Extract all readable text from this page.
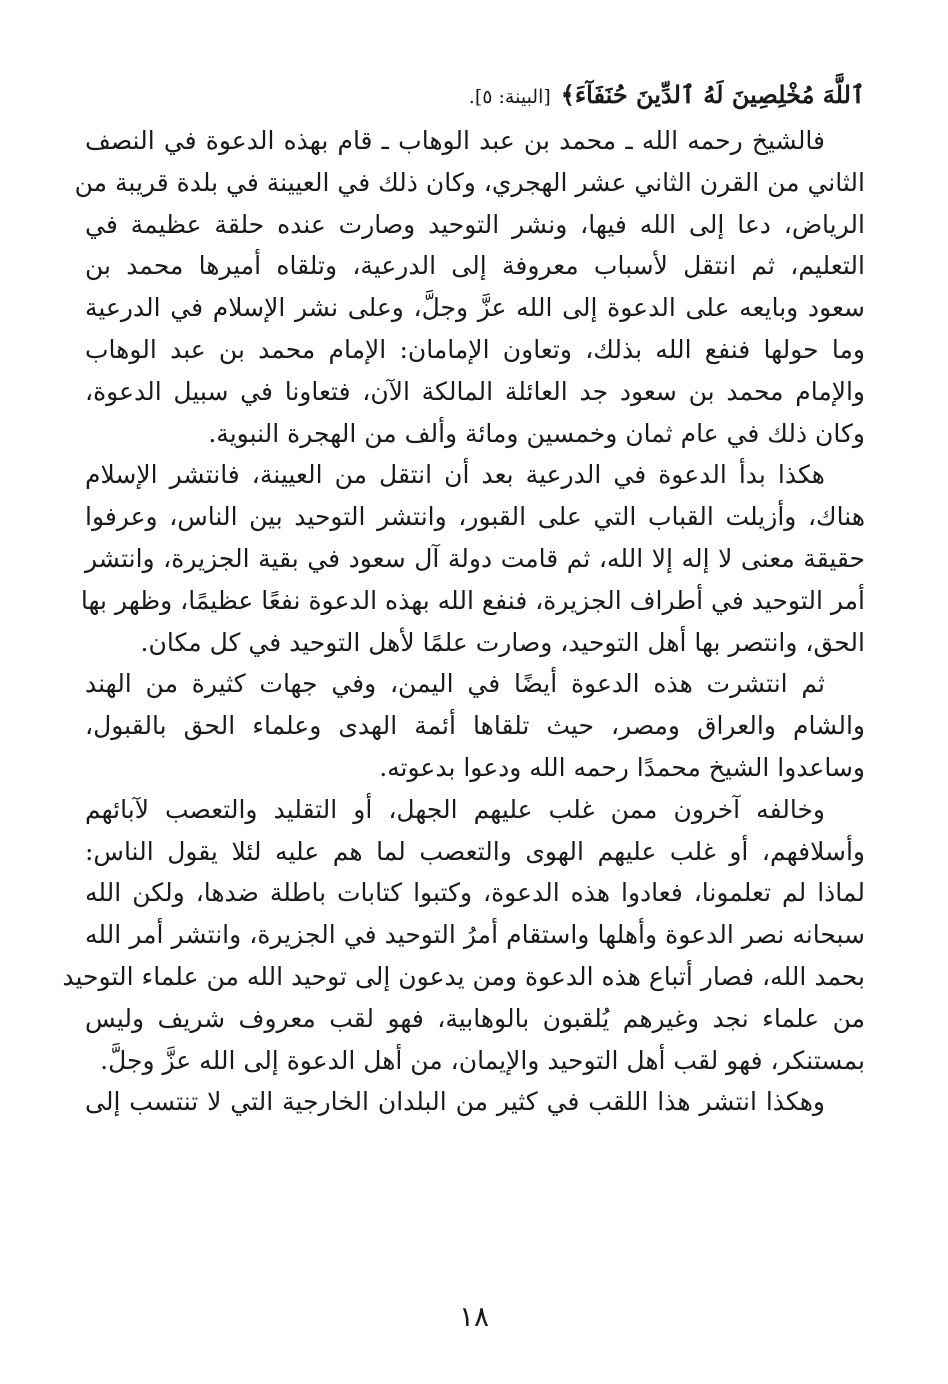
ٱللَّهَ مُخْلِصِينَ لَهُ ٱلدِّينَ حُنَفَآءَ﴾
[البينة: ٥].

فالشيخ رحمه الله ـ محمد بن عبد الوهاب ـ قام بهذه الدعوة في النصف
الثاني من القرن الثاني عشر الهجري، وكان ذلك في العيينة في بلدة قريبة من
الرياض، دعا إلى الله فيها، ونشر التوحيد وصارت عنده حلقة عظيمة في
التعليم، ثم انتقل لأسباب معروفة إلى الدرعية، وتلقاه أميرها محمد بن
سعود وبايعه على الدعوة إلى الله عزَّ وجلَّ، وعلى نشر الإسلام في الدرعية
وما حولها فنفع الله بذلك، وتعاون الإمامان: الإمام محمد بن عبد الوهاب
والإمام محمد بن سعود جد العائلة المالكة الآن، فتعاونا في سبيل الدعوة،
وكان ذلك في عام ثمان وخمسين ومائة وألف من الهجرة النبوية.

هكذا بدأ الدعوة في الدرعية بعد أن انتقل من العيينة، فانتشر الإسلام
هناك، وأزيلت القباب التي على القبور، وانتشر التوحيد بين الناس، وعرفوا
حقيقة معنى لا إله إلا الله، ثم قامت دولة آل سعود في بقية الجزيرة، وانتشر
أمر التوحيد في أطراف الجزيرة، فنفع الله بهذه الدعوة نفعًا عظيمًا، وظهر بها
الحق، وانتصر بها أهل التوحيد، وصارت علمًا لأهل التوحيد في كل مكان.

ثم انتشرت هذه الدعوة أيضًا في اليمن، وفي جهات كثيرة من الهند
والشام والعراق ومصر، حيث تلقاها أئمة الهدى وعلماء الحق بالقبول،
وساعدوا الشيخ محمدًا رحمه الله ودعوا بدعوته.

وخالفه آخرون ممن غلب عليهم الجهل، أو التقليد والتعصب لآبائهم
وأسلافهم، أو غلب عليهم الهوى والتعصب لما هم عليه لئلا يقول الناس:
لماذا لم تعلمونا، فعادوا هذه الدعوة، وكتبوا كتابات باطلة ضدها، ولكن الله
سبحانه نصر الدعوة وأهلها واستقام أمرُ التوحيد في الجزيرة، وانتشر أمر الله
بحمد الله، فصار أتباع هذه الدعوة ومن يدعون إلى توحيد الله من علماء التوحيد
من علماء نجد وغيرهم يُلقبون بالوهابية، فهو لقب معروف شريف وليس
بمستنكر، فهو لقب أهل التوحيد والإيمان، من أهل الدعوة إلى الله عزَّ وجلَّ.

وهكذا انتشر هذا اللقب في كثير من البلدان الخارجية التي لا تنتسب إلى

١٨
